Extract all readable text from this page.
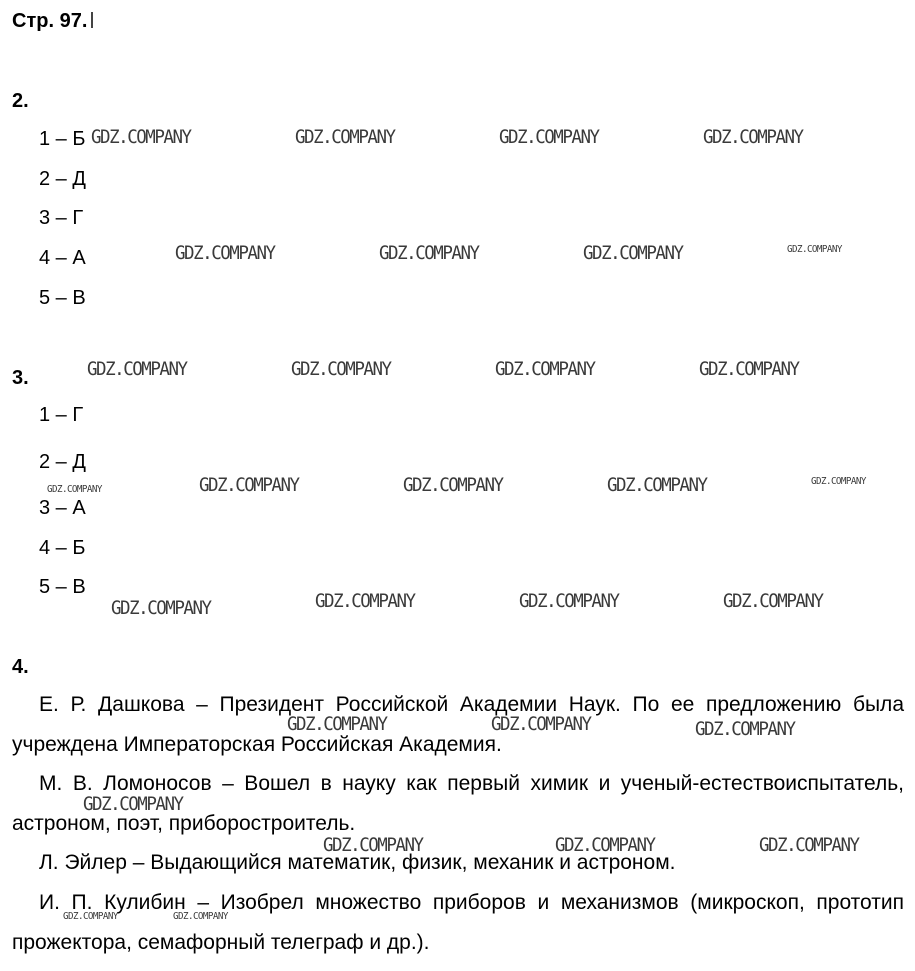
Стр. 97.
2.
1 – Б
2 – Д
3 – Г
4 – А
5 – В
3.
1 – Г
2 – Д
3 – А
4 – Б
5 – В
4.

Е. Р. Дашкова – Президент Российской Академии Наук. По ее предложению была учреждена Императорская Российская Академия.

М. В. Ломоносов – Вошел в науку как первый химик и ученый-естествоиспытатель, астроном, поэт, приборостроитель.

Л. Эйлер – Выдающийся математик, физик, механик и астроном.

И. П. Кулибин – Изобрел множество приборов и механизмов (микроскоп, прототип прожектора, семафорный телеграф и др.).

GDZ.COMPANY	GDZ.COMPANY	GDZ.COMPANY	GDZ.COMPANY
GDZ.COMPANY	GDZ.COMPANY	GDZ.COMPANY	GDZ.COMPANY
GDZ.COMPANY	GDZ.COMPANY	GDZ.COMPANY	GDZ.COMPANY
GDZ.COMPANY	GDZ.COMPANY	GDZ.COMPANY	GDZ.COMPANY	GDZ.COMPANY
GDZ.COMPANY	GDZ.COMPANY	GDZ.COMPANY	GDZ.COMPANY
GDZ.COMPANY	GDZ.COMPANY	GDZ.COMPANY
GDZ.COMPANY
GDZ.COMPANY	GDZ.COMPANY	GDZ.COMPANY
GDZ.COMPANY	GDZ.COMPANY
